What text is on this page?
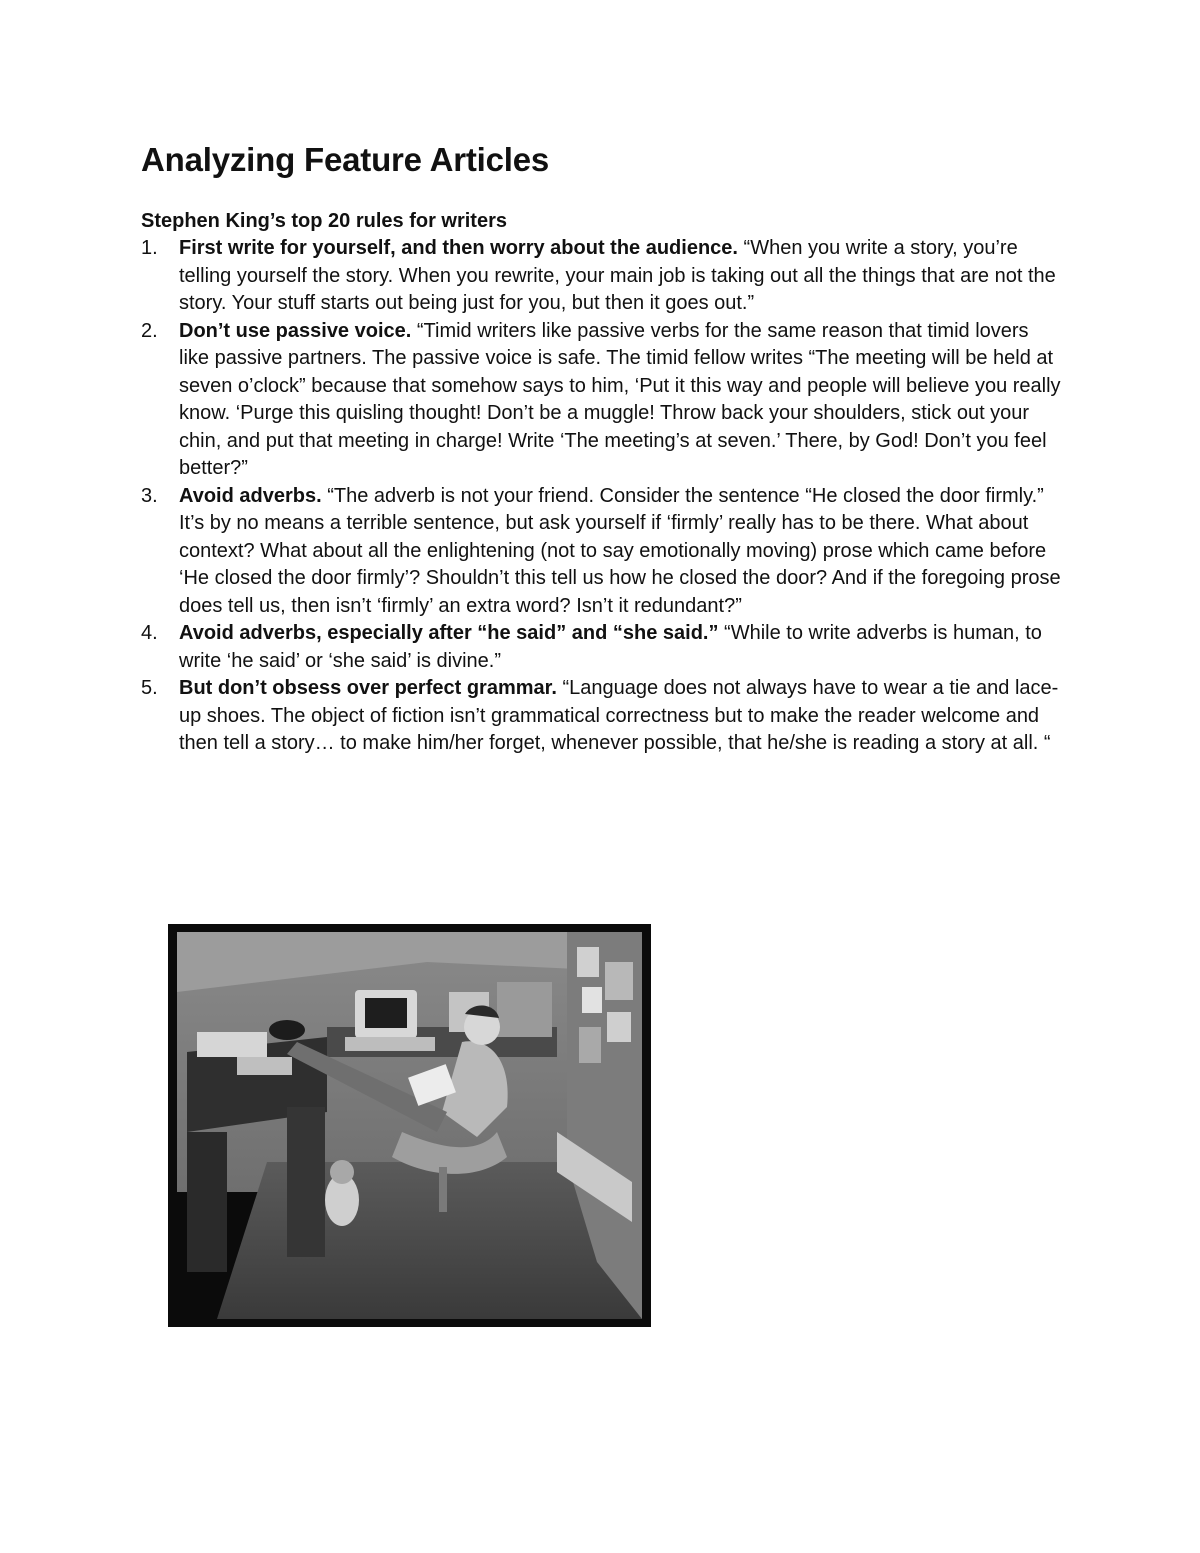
Analyzing Feature Articles
Stephen King’s top 20 rules for writers
1. First write for yourself, and then worry about the audience. “When you write a story, you’re telling yourself the story. When you rewrite, your main job is taking out all the things that are not the story. Your stuff starts out being just for you, but then it goes out.”
2. Don’t use passive voice. “Timid writers like passive verbs for the same reason that timid lovers like passive partners. The passive voice is safe. The timid fellow writes “The meeting will be held at seven o’clock” because that somehow says to him, ‘Put it this way and people will believe you really know. ‘Purge this quisling thought! Don’t be a muggle! Throw back your shoulders, stick out your chin, and put that meeting in charge! Write ‘The meeting’s at seven.’ There, by God! Don’t you feel better?”
3. Avoid adverbs. “The adverb is not your friend. Consider the sentence “He closed the door firmly.” It’s by no means a terrible sentence, but ask yourself if ‘firmly’ really has to be there. What about context? What about all the enlightening (not to say emotionally moving) prose which came before ‘He closed the door firmly’? Shouldn’t this tell us how he closed the door? And if the foregoing prose does tell us, then isn’t ‘firmly’ an extra word? Isn’t it redundant?”
4. Avoid adverbs, especially after “he said” and “she said.” “While to write adverbs is human, to write ‘he said’ or ‘she said’ is divine.”
5. But don’t obsess over perfect grammar. “Language does not always have to wear a tie and lace-up shoes. The object of fiction isn’t grammatical correctness but to make the reader welcome and then tell a story… to make him/her forget, whenever possible, that he/she is reading a story at all. “
